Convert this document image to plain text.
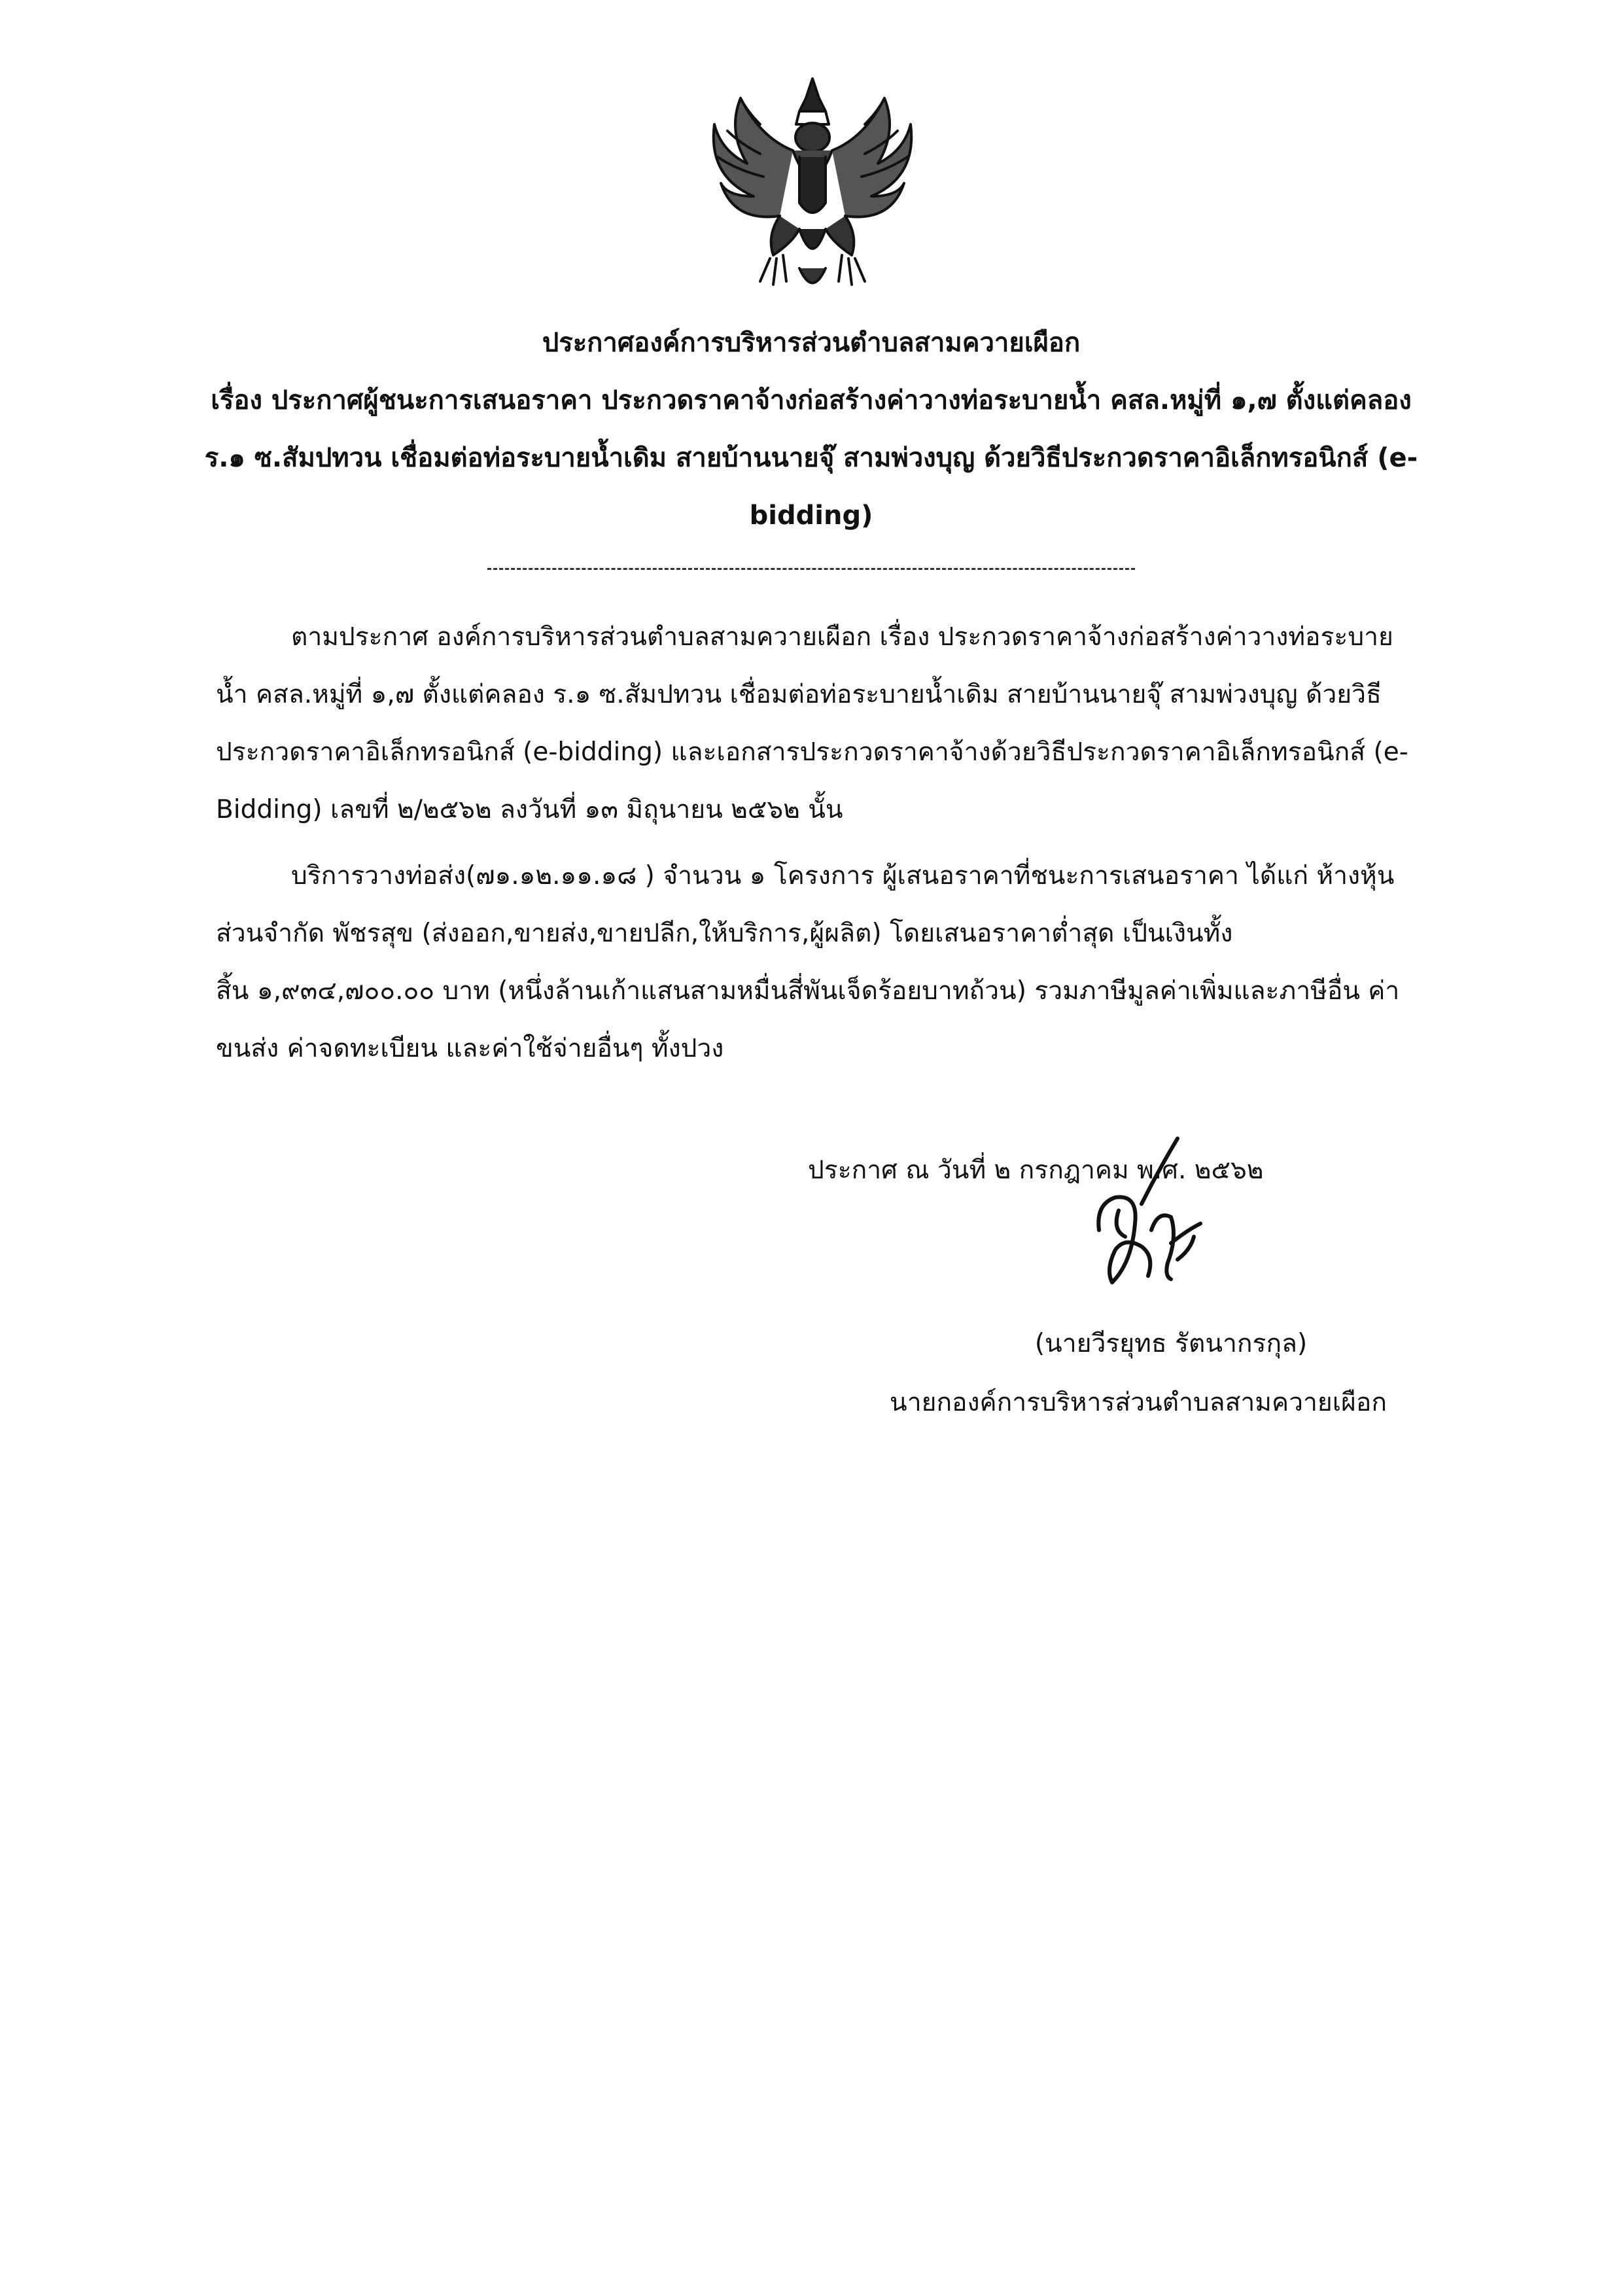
ประกาศองค์การบริหารส่วนตำบลสามควายเผือก
เรื่อง ประกาศผู้ชนะการเสนอราคา ประกวดราคาจ้างก่อสร้างค่าวางท่อระบายน้ำ คสล.หมู่ที่ ๑,๗ ตั้งแต่คลอง
ร.๑ ซ.สัมปทวน เชื่อมต่อท่อระบายน้ำเดิม สายบ้านนายจุ๊ สามพ่วงบุญ ด้วยวิธีประกวดราคาอิเล็กทรอนิกส์ (e-
bidding)
ตามประกาศ องค์การบริหารส่วนตำบลสามควายเผือก เรื่อง ประกวดราคาจ้างก่อสร้างค่าวางท่อระบาย
น้ำ คสล.หมู่ที่ ๑,๗ ตั้งแต่คลอง ร.๑ ซ.สัมปทวน เชื่อมต่อท่อระบายน้ำเดิม สายบ้านนายจุ๊ สามพ่วงบุญ ด้วยวิธี
ประกวดราคาอิเล็กทรอนิกส์ (e-bidding) และเอกสารประกวดราคาจ้างด้วยวิธีประกวดราคาอิเล็กทรอนิกส์ (e-
Bidding) เลขที่ ๒/๒๕๖๒ ลงวันที่ ๑๓ มิถุนายน ๒๕๖๒ นั้น
บริการวางท่อส่ง(๗๑.๑๒.๑๑.๑๘ ) จำนวน ๑ โครงการ ผู้เสนอราคาที่ชนะการเสนอราคา ได้แก่ ห้างหุ้น
ส่วนจำกัด พัชรสุข (ส่งออก,ขายส่ง,ขายปลีก,ให้บริการ,ผู้ผลิต) โดยเสนอราคาต่ำสุด เป็นเงินทั้ง
สิ้น ๑,๙๓๔,๗๐๐.๐๐ บาท (หนึ่งล้านเก้าแสนสามหมื่นสี่พันเจ็ดร้อยบาทถ้วน) รวมภาษีมูลค่าเพิ่มและภาษีอื่น ค่า
ขนส่ง ค่าจดทะเบียน และค่าใช้จ่ายอื่นๆ ทั้งปวง
ประกาศ ณ วันที่ ๒ กรกฎาคม พ.ศ. ๒๕๖๒
(นายวีรยุทธ รัตนากรกุล)
นายกองค์การบริหารส่วนตำบลสามควายเผือก
